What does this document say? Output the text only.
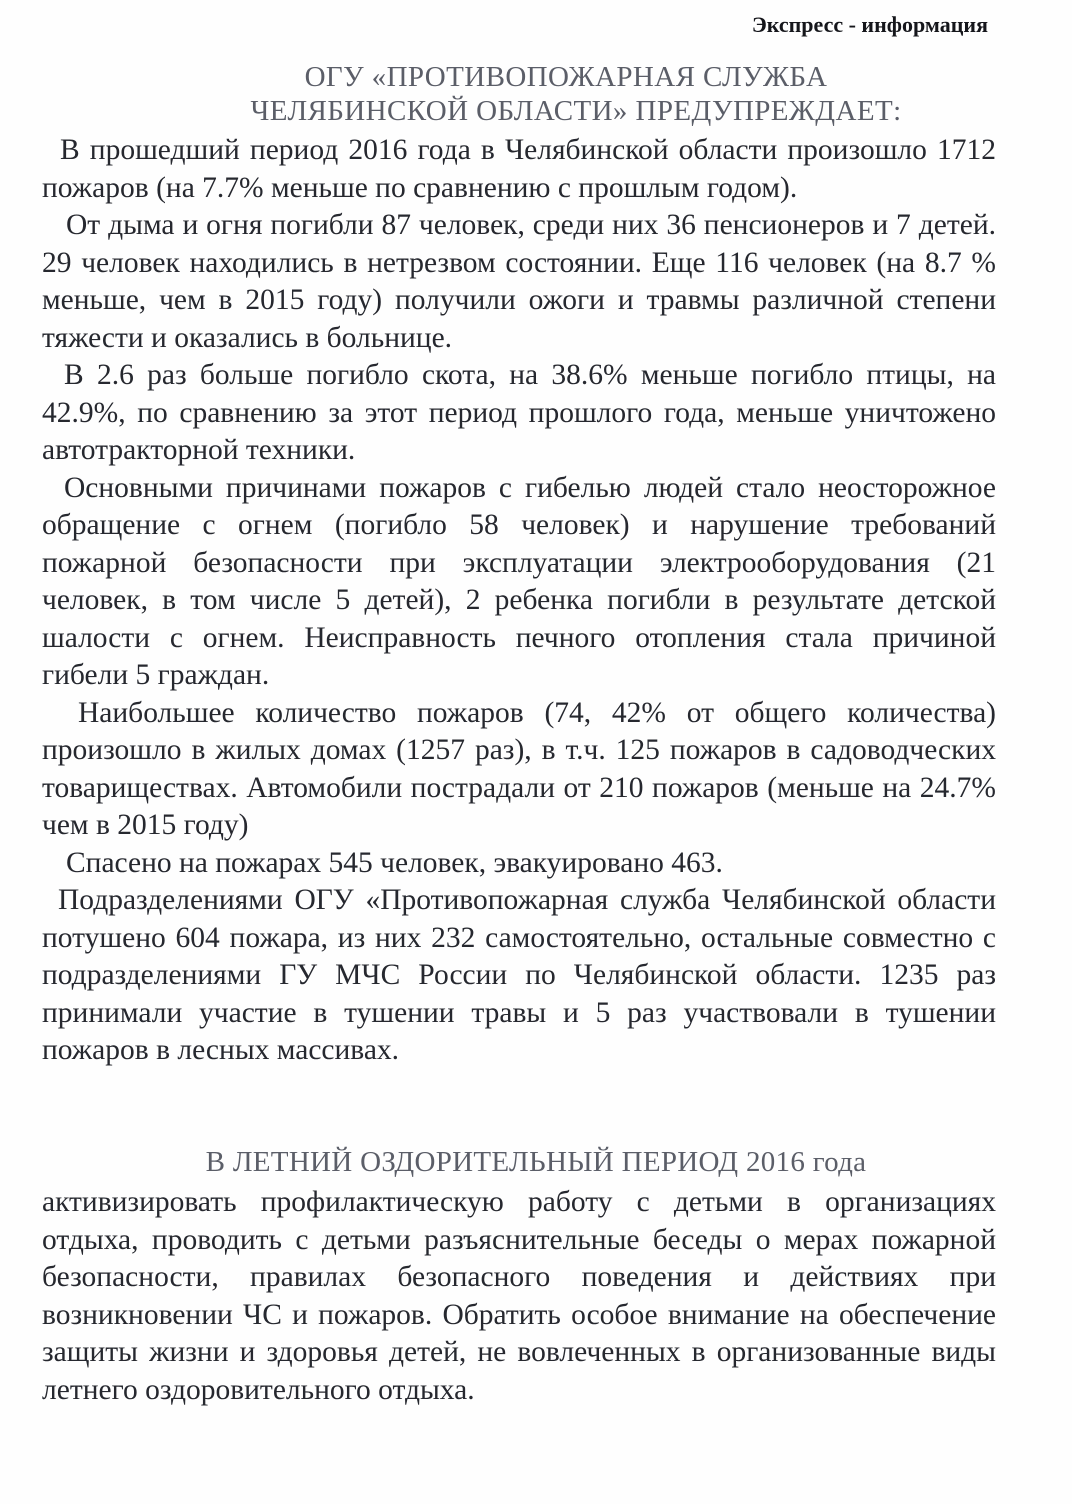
Экспресс - информация
ОГУ «ПРОТИВОПОЖАРНАЯ СЛУЖБА
ЧЕЛЯБИНСКОЙ ОБЛАСТИ» ПРЕДУПРЕЖДАЕТ:

В прошедший период 2016 года в Челябинской области произошло 1712 пожаров (на 7.7% меньше по сравнению с прошлым годом).

От дыма и огня погибли 87 человек, среди них 36 пенсионеров и 7 детей. 29 человек находились в нетрезвом состоянии. Еще 116 человек (на 8.7 % меньше, чем в 2015 году) получили ожоги и травмы различной степени тяжести и оказались в больнице.

В 2.6 раз больше погибло скота, на 38.6% меньше погибло птицы, на 42.9%, по сравнению за этот период прошлого года, меньше уничтожено автотракторной техники.

Основными причинами пожаров с гибелью людей стало неосторожное обращение с огнем (погибло 58 человек) и нарушение требований пожарной безопасности при эксплуатации электрооборудования (21 человек, в том числе 5 детей), 2 ребенка погибли в результате детской шалости с огнем. Неисправность печного отопления стала причиной гибели 5 граждан.

Наибольшее количество пожаров (74, 42% от общего количества) произошло в жилых домах (1257 раз), в т.ч. 125 пожаров в садоводческих товариществах. Автомобили пострадали от 210 пожаров (меньше на 24.7% чем в 2015 году)

Спасено на пожарах 545 человек, эвакуировано 463.

Подразделениями ОГУ «Противопожарная служба Челябинской области потушено 604 пожара, из них 232 самостоятельно, остальные совместно с подразделениями ГУ МЧС России по Челябинской области. 1235 раз принимали участие в тушении травы и 5 раз участвовали в тушении пожаров в лесных массивах.

В ЛЕТНИЙ ОЗДОРИТЕЛЬНЫЙ ПЕРИОД 2016 года

активизировать профилактическую работу с детьми в организациях отдыха, проводить с детьми разъяснительные беседы о мерах пожарной безопасности, правилах безопасного поведения и действиях при возникновении ЧС и пожаров. Обратить особое внимание на обеспечение защиты жизни и здоровья детей, не вовлеченных в организованные виды летнего оздоровительного отдыха.
